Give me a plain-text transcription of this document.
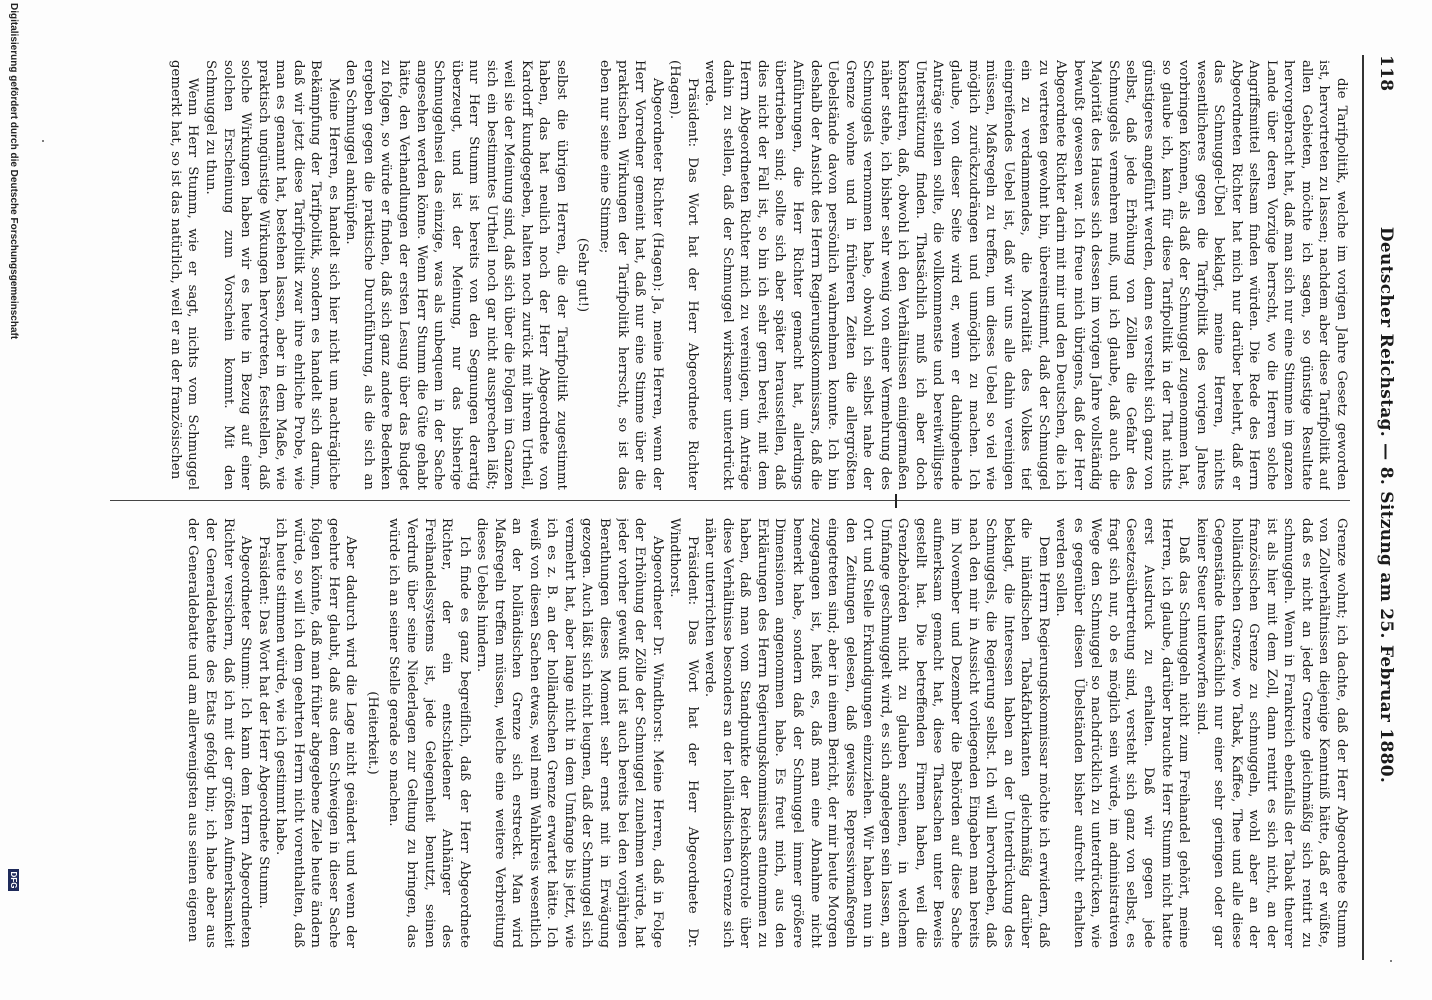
118
Deutscher Reichstag. — 8. Sitzung am 25. Februar 1880.

die Tarifpolitik, welche im vorigen Jahre Gesetz geworden ist, hervortreten zu lassen; nachdem aber diese Tarifpolitik auf allen Gebieten, möchte ich sagen, so günstige Resultate hervorgebracht hat, daß man sich nur eine Stimme im ganzen Lande über deren Vorzüge herrscht, wo die Herren solche Angriffsmittel seltsam finden würden. Die Rede des Herrn Abgeordneten Richter hat mich nur darüber belehrt, daß er das Schmuggel-Übel beklagt, meine Herren, nichts wesentlicheres gegen die Tarifpolitik des vorigen Jahres vorbringen können, als daß der Schmuggel zugenommen hat, so glaube ich, kann für diese Tarifpolitik in der That nichts günstigeres angeführt werden, denn es versteht sich ganz von selbst, daß jede Erhöhung von Zöllen die Gefahr des Schmuggels vermehren muß, und ich glaube, daß auch die Majorität des Hauses sich dessen im vorigen Jahre vollständig bewußt gewesen war. Ich freue mich übrigens, daß der Herr Abgeordnete Richter darin mit mir und den Deutschen, die ich zu vertreten gewohnt bin, übereinstimmt, daß der Schmuggel ein zu verdammendes, die Moralität des Volkes tief eingreifendes Uebel ist, daß wir uns alle dahin vereinigen müssen, Maßregeln zu treffen, um dieses Uebel so viel wie möglich zurückzudrängen und unmöglich zu machen. Ich glaube, von dieser Seite wird er, wenn er dahingehende Anträge stellen sollte, die vollkommenste und bereitwilligste Unterstützung finden. Thatsächlich muß ich aber doch konstatiren, daß, obwohl ich den Verhältnissen einigermaßen näher stehe, ich bisher sehr wenig von einer Vermehrung des Schmuggels vernommen habe, obwohl ich selbst nahe der Grenze wohne und in früheren Zeiten die allergrößten Uebelstände davon persönlich wahrnehmen konnte. Ich bin deshalb der Ansicht des Herrn Regierungskommissars, daß die Anführungen, die Herr Richter gemacht hat, allerdings übertrieben sind; sollte sich aber später herausstellen, daß dies nicht der Fall ist, so bin ich sehr gern bereit, mit dem Herrn Abgeordneten Richter mich zu vereinigen, um Anträge dahin zu stellen, daß der Schmuggel wirksamer unterdrückt werde.

Präsident: Das Wort hat der Herr Abgeordnete Richter (Hagen).

Abgeordneter Richter (Hagen): Ja, meine Herren, wenn der Herr Vorredner gemeint hat, daß nur eine Stimme über die praktischen Wirkungen der Tarifpolitik herrscht, so ist das eben nur seine eine Stimme;

(Sehr gut!)

selbst die übrigen Herren, die der Tarifpolitik zugestimmt haben, das hat neulich noch der Herr Abgeordnete von Kardorff kundgegeben, halten noch zurück mit ihrem Urtheil, weil sie der Meinung sind, daß sich über die Folgen im Ganzen sich ein bestimmtes Urtheil noch gar nicht aussprechen läßt; nur Herr Stumm ist bereits von den Segnungen derartig überzeugt, und ist der Meinung, nur das bisherige Schmuggelnsei das einzige, was als unbequem in der Sache angesehen werden könne. Wenn Herr Stumm die Güte gehabt hätte, den Verhandlungen der ersten Lesung über das Budget zu folgen, so würde er finden, daß sich ganz andere Bedenken ergeben gegen die praktische Durchführung, als die sich an den Schmuggel anknüpfen.

Meine Herren, es handelt sich hier nicht um nachträgliche Bekämpfung der Tarifpolitik, sondern es handelt sich darum, daß wir jetzt diese Tarifpolitik zwar ihre ehrliche Probe, wie man es genannt hat, bestehen lassen, aber in dem Maße, wie praktisch ungünstige Wirkungen hervortreten, feststellen, daß solche Wirkungen haben wir es heute in Bezug auf einer solchen Erscheinung zum Vorschein kommt. Mit den Schmuggel zu thun.

Wenn Herr Stumm, wie er sagt, nichts vom Schmuggel gemerkt hat, so ist das natürlich, weil er an der französischen

Grenze wohnt; ich dachte, daß der Herr Abgeordnete Stumm von Zollverhältnissen diejenige Kenntniß hätte, daß er wüßte, daß es nicht an jeder Grenze gleichmäßig sich rentirt zu schmuggeln. Wenn in Frankreich ebenfalls der Tabak theurer ist als hier mit dem Zoll, dann rentirt es sich nicht, an der französischen Grenze zu schmuggeln, wohl aber an der holländischen Grenze, wo Tabak, Kaffee, Thee und alle diese Gegenstände thatsächlich nur einer sehr geringen oder gar keiner Steuer unterworfen sind.

Daß das Schmuggeln nicht zum Freihandel gehört, meine Herren, ich glaube, darüber brauchte Herr Stumm nicht hatte erst Ausdruck zu erhalten. Daß wir gegen jede Gesetzesübertretung sind, versteht sich ganz von selbst, es fragt sich nur, ob es möglich sein würde, im administrativen Wege den Schmuggel so nachdrücklich zu unterdrücken, wie es gegenüber diesen Übelständen bisher aufrecht erhalten werden sollen.

Dem Herrn Regierungskommissar möchte ich erwidern, daß die inländischen Tabakfabrikanten gleichmäßig darüber beklagt, die Interessen haben an der Unterdrückung des Schmuggels, die Regierung selbst. Ich will hervorheben, daß nach den mir in Aussicht vorliegenden Eingaben man bereits im November und Dezember die Behörden auf diese Sache aufmerksam gemacht hat, diese Thatsachen unter Beweis gestellt hat. Die betreffenden Firmen haben, weil die Grenzbehörden nicht zu glauben schienen, in welchem Umfange geschmuggelt wird, es sich angelegen sein lassen, an Ort und Stelle Erkundigungen einzuziehen. Wir haben nun in den Zeitungen gelesen, daß gewisse Repressivmaßregeln eingetreten sind; aber in einem Bericht, der mir heute Morgen zugegangen ist, heißt es, daß man eine Abnahme nicht bemerkt habe, sondern daß der Schmuggel immer größere Dimensionen angenommen habe. Es freut mich, aus den Erklärungen des Herrn Regierungskommissars entnommen zu haben, daß man vom Standpunkte der Reichskontrole über diese Verhältnisse besonders an der holländischen Grenze sich näher unterrichten werde.

Präsident: Das Wort hat der Herr Abgeordnete Dr. Windthorst.

Abgeordneter Dr. Windthorst: Meine Herren, daß in Folge der Erhöhung der Zölle der Schmuggel zunehmen würde, hat jeder vorher gewußt und ist auch bereits bei den vorjährigen Berathungen dieses Moment sehr ernst mit in Erwägung gezogen. Auch läßt sich nicht leugnen, daß der Schmuggel sich vermehrt hat, aber lange nicht in dem Umfange bis jetzt, wie ich es z. B. an der holländischen Grenze erwartet hätte. Ich weiß von diesen Sachen etwas, weil mein Wahlkreis wesentlich an der holländischen Grenze sich erstreckt. Man wird Maßregeln treffen müssen, welche eine weitere Verbreitung dieses Uebels hindern.

Ich finde es ganz begreiflich, daß der Herr Abgeordnete Richter, der ein entschiedener Anhänger des Freihandelssystems ist, jede Gelegenheit benutzt, seinen Verdruß über seine Niederlagen zur Geltung zu bringen, das würde ich an seiner Stelle gerade so machen.

(Heiterkeit.)

Aber dadurch wird die Lage nicht geändert und wenn der geehrte Herr glaubt, daß aus dem Schweigen in dieser Sache folgen könnte, daß man früher abgegebene Ziele heute ändern würde, so will ich dem geehrten Herrn nicht vorenthalten, daß ich heute stimmen würde, wie ich gestimmt habe.

Präsident: Das Wort hat der Herr Abgeordnete Stumm.

Abgeordneter Stumm: Ich kann dem Herrn Abgeordneten Richter versichern, daß ich mit der größten Aufmerksamkeit der Generaldebatte des Etats gefolgt bin; ich habe aber aus der Generaldebatte und am allerwenigsten aus seinen eigenen

Digitalisierung gefördert durch die Deutsche Forschungsgemeinschaft
DFG
